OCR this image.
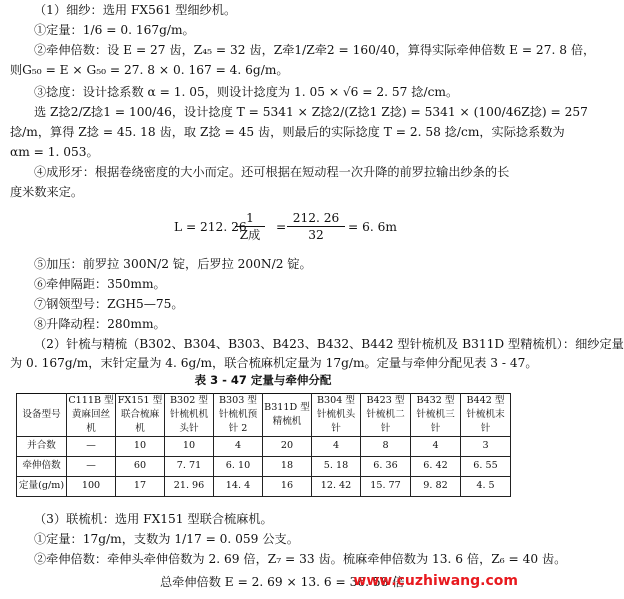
（1）细纱：选用 FX561 型细纱机。
①定量：1/6 = 0. 167g/m。
②牵伸倍数：设 E = 27 齿，Z₄₅ = 32 齿，Z牵1/Z牵2 = 160/40，算得实际牵伸倍数 E = 27. 8 倍，
则G₅₀ = E × G₅₀ = 27. 8 × 0. 167 = 4. 6g/m。
③捻度：设计捻系数 α = 1. 05，则设计捻度为 1. 05 × √6 = 2. 57 捻/cm。
选 Z捻2/Z捻1 = 100/46，设计捻度 T = 5341 × Z捻2/(Z捻1 Z捻) = 5341 × (100/46Z捻) = 257
捻/m，算得 Z捻 = 45. 18 齿，取 Z捻 = 45 齿，则最后的实际捻度 T = 2. 58 捻/cm，实际捻系数为
αm = 1. 053。
④成形牙：根据卷绕密度的大小而定。还可根据在短动程一次升降的前罗拉输出纱条的长
度米数来定。
L = 212. 26
1
Z成
=
212. 26
32
= 6. 6m
⑤加压：前罗拉 300N/2 锭，后罗拉 200N/2 锭。
⑥牵伸隔距：350mm。
⑦钢领型号：ZGH5—75。
⑧升降动程：280mm。
（2）针梳与精梳（B302、B304、B303、B423、B432、B442 型针梳机及 B311D 型精梳机）：细纱定量
为 0. 167g/m，末针定量为 4. 6g/m，联合梳麻机定量为 17g/m。定量与牵伸分配见表 3 - 47。
表 3 - 47 定量与牵伸分配
设备型号	C111B 型黄麻回丝机	FX151 型联合梳麻机	B302 型针梳机机头针	B303 型针梳机预针 2	B311D 型精梳机	B304 型针梳机头针	B423 型针梳机二针	B432 型针梳机三针	B442 型针梳机末针
并合数	—	10	10	4	20	4	8	4	3
牵伸倍数	—	60	7. 71	6. 10	18	5. 18	6. 36	6. 42	6. 55
定量(g/m)	100	17	21. 96	14. 4	16	12. 42	15. 77	9. 82	4. 5
（3）联梳机：选用 FX151 型联合梳麻机。
①定量：17g/m，支数为 1/17 = 0. 059 公支。
②牵伸倍数：牵伸头牵伸倍数为 2. 69 倍，Z₇ = 33 齿。梳麻牵伸倍数为 13. 6 倍，Z₆ = 40 齿。
总牵伸倍数 E = 2. 69 × 13. 6 = 36. 58 倍
www.cuzhiwang.com
